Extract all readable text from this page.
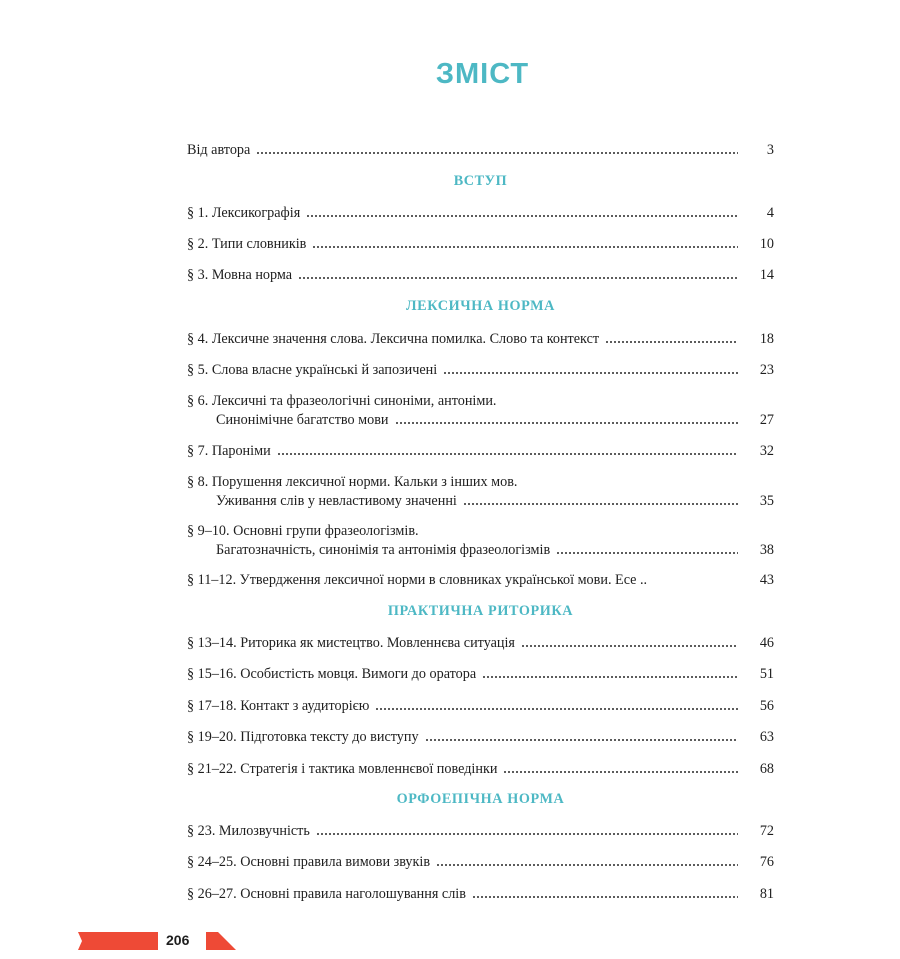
ЗМІСТ
Від автора	3
ВСТУП
§ 1. Лексикографія	4
§ 2. Типи словників	10
§ 3. Мовна норма	14
ЛЕКСИЧНА НОРМА
§ 4. Лексичне значення слова. Лексична помилка. Слово та контекст	18
§ 5. Слова власне українські й запозичені	23
§ 6. Лексичні та фразеологічні синоніми, антоніми.
Синонімічне багатство мови	27
§ 7. Пароніми	32
§ 8. Порушення лексичної норми. Кальки з інших мов.
Уживання слів у невластивому значенні	35
§ 9–10. Основні групи фразеологізмів.
Багатозначність, синонімія та антонімія фразеологізмів	38
§ 11–12. Утвердження лексичної норми в словниках української мови. Есе ..	43
ПРАКТИЧНА РИТОРИКА
§ 13–14. Риторика як мистецтво. Мовленнєва ситуація	46
§ 15–16. Особистість мовця. Вимоги до оратора	51
§ 17–18. Контакт з аудиторією	56
§ 19–20. Підготовка тексту до виступу	63
§ 21–22. Стратегія і тактика мовленнєвої поведінки	68
ОРФОЕПІЧНА НОРМА
§ 23. Милозвучність	72
§ 24–25. Основні правила вимови звуків	76
§ 26–27. Основні правила наголошування слів	81
206
